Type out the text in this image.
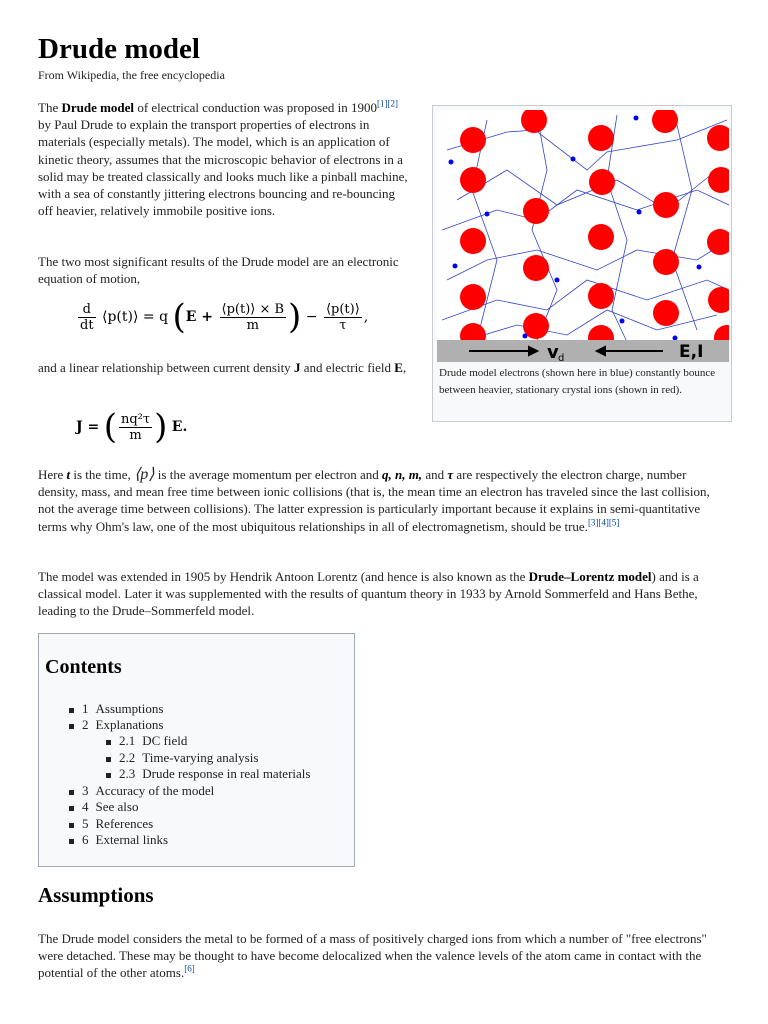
Drude model
From Wikipedia, the free encyclopedia
The Drude model of electrical conduction was proposed in 1900[1][2] by Paul Drude to explain the transport properties of electrons in materials (especially metals). The model, which is an application of kinetic theory, assumes that the microscopic behavior of electrons in a solid may be treated classically and looks much like a pinball machine, with a sea of constantly jittering electrons bouncing and re-bouncing off heavier, relatively immobile positive ions.
The two most significant results of the Drude model are an electronic equation of motion,
$\frac{d}{dt}$ ⟨p(t)⟩ = q ($E + \frac{⟨p(t)⟩ \times B}{m}$ ) − $\frac{⟨p(t)⟩}{\tau}$ ,
and a linear relationship between current density J and electric field E,
J = ( $\frac{\text{nq²τ}}{m}$ ) E.
Here t is the time, ⟨p⟩ is the average momentum per electron and q, n, m, and τ are respectively the electron charge, number density, mass, and mean free time between ionic collisions (that is, the mean time an electron has traveled since the last collision, not the average time between collisions). The latter expression is particularly important because it explains in semi-quantitative terms why Ohm's law, one of the most ubiquitous relationships in all of electromagnetism, should be true.[3][4][5]
The model was extended in 1905 by Hendrik Antoon Lorentz (and hence is also known as the Drude–Lorentz model) and is a classical model. Later it was supplemented with the results of quantum theory in 1933 by Arnold Sommerfeld and Hans Bethe, leading to the Drude–Sommerfeld model.
v d	E,I
Drude model electrons (shown here in blue) constantly bounce between heavier, stationary crystal ions (shown in red).
Contents
1 Assumptions
2 Explanations
2.1 DC field
2.2 Time-varying analysis
2.3 Drude response in real materials
3 Accuracy of the model
4 See also
5 References
6 External links
Assumptions
The Drude model considers the metal to be formed of a mass of positively charged ions from which a number of "free electrons" were detached. These may be thought to have become delocalized when the valence levels of the atom came in contact with the potential of the other atoms.[6]
